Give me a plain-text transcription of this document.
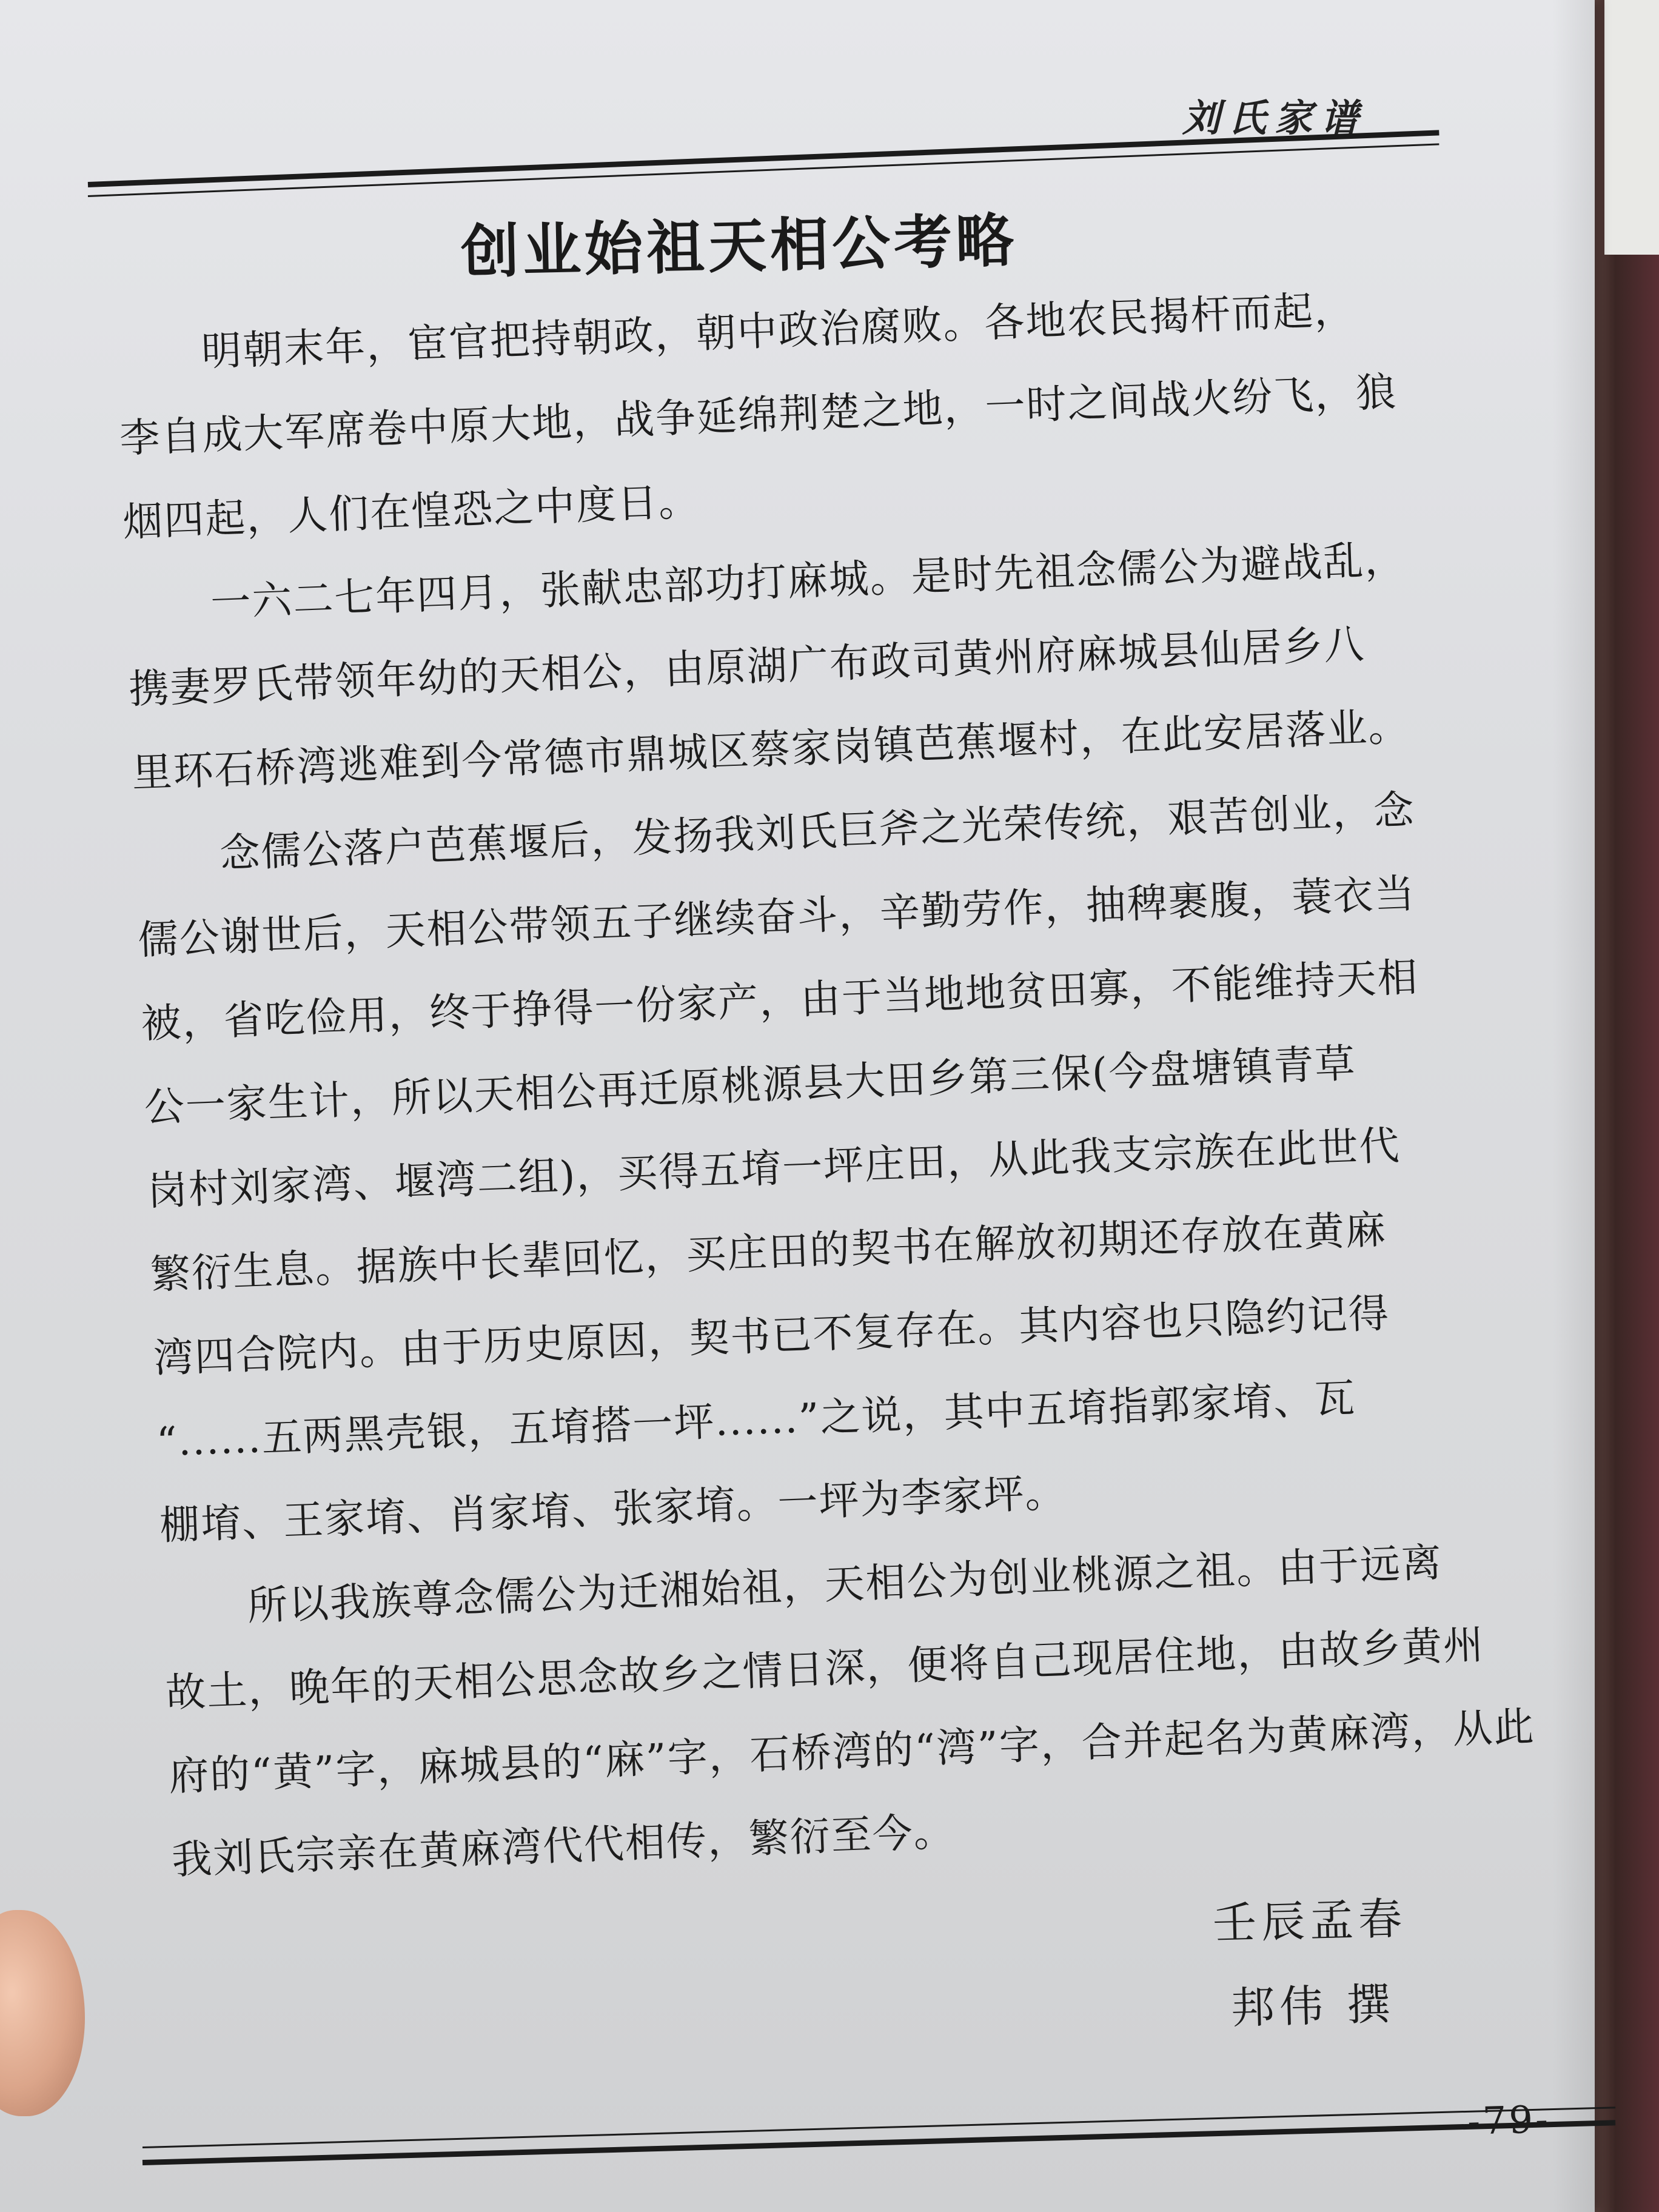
刘氏家谱
创业始祖天相公考略
明朝末年，宦官把持朝政，朝中政治腐败。各地农民揭杆而起，
李自成大军席卷中原大地，战争延绵荆楚之地，一时之间战火纷飞，狼
烟四起，人们在惶恐之中度日。
一六二七年四月，张献忠部功打麻城。是时先祖念儒公为避战乱，
携妻罗氏带领年幼的天相公，由原湖广布政司黄州府麻城县仙居乡八
里环石桥湾逃难到今常德市鼎城区蔡家岗镇芭蕉堰村，在此安居落业。
念儒公落户芭蕉堰后，发扬我刘氏巨斧之光荣传统，艰苦创业，念
儒公谢世后，天相公带领五子继续奋斗，辛勤劳作，抽稗裹腹，蓑衣当
被，省吃俭用，终于挣得一份家产，由于当地地贫田寡，不能维持天相
公一家生计，所以天相公再迁原桃源县大田乡第三保(今盘塘镇青草
岗村刘家湾、堰湾二组)，买得五堉一坪庄田，从此我支宗族在此世代
繁衍生息。据族中长辈回忆，买庄田的契书在解放初期还存放在黄麻
湾四合院内。由于历史原因，契书已不复存在。其内容也只隐约记得
“......五两黑壳银，五堉搭一坪......”之说，其中五堉指郭家堉、瓦
棚堉、王家堉、肖家堉、张家堉。一坪为李家坪。
所以我族尊念儒公为迁湘始祖，天相公为创业桃源之祖。由于远离
故土，晚年的天相公思念故乡之情日深，便将自己现居住地，由故乡黄州
府的“黄”字，麻城县的“麻”字，石桥湾的“湾”字，合并起名为黄麻湾，从此
我刘氏宗亲在黄麻湾代代相传，繁衍至今。
壬辰孟春
邦伟 撰
-79-
